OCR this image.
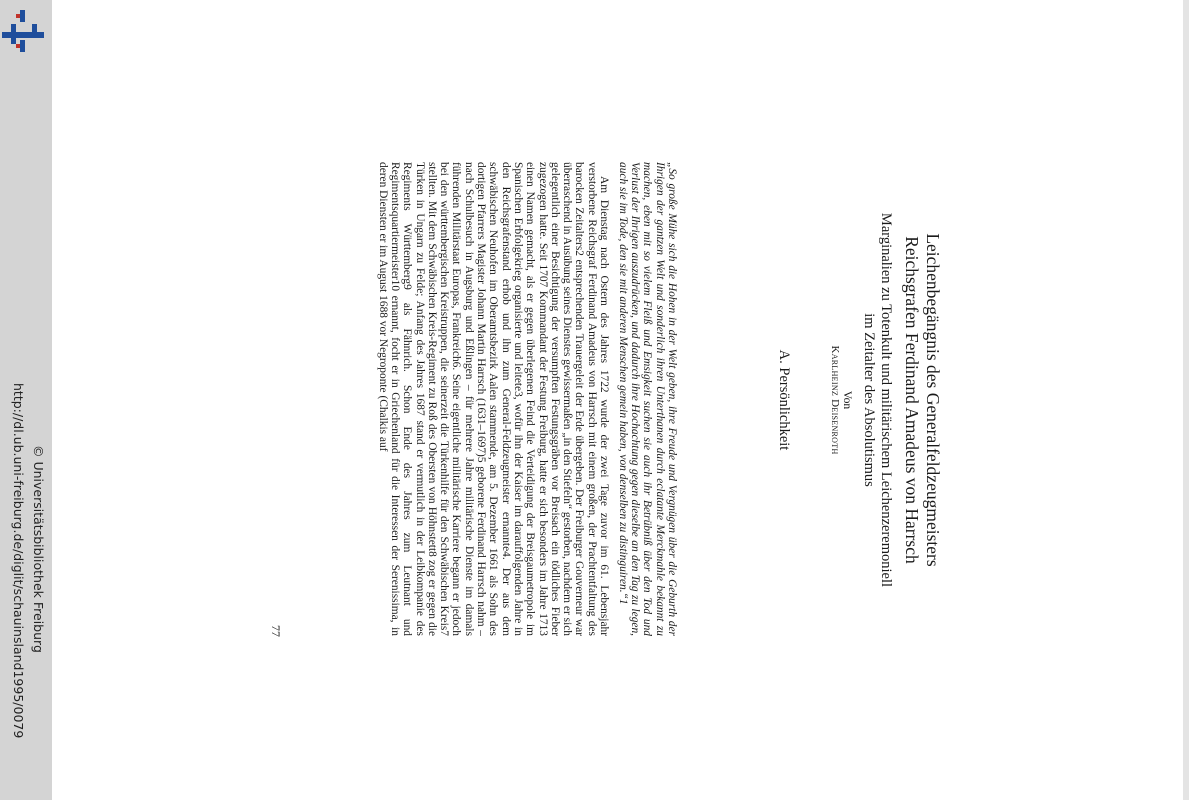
http://dl.ub.uni-freiburg.de/diglit/schauinsland1995/0079 © Universitätsbibliothek Freiburg	Leichenbegängnis des Generalfeldzeugmeisters
Reichsgrafen Ferdinand Amadeus von Harrsch
Marginalien zu Totenkult und militärischem Leichenzeremoniell
im Zeitalter des Absolutismus
Von
Karlheinz Deisenroth
A. Persönlichkeit

„So große Mühe sich die Hohen in der Welt geben, ihre Freude und Vergnügen über die Geburth der Ihrigen der gantzen Welt und sonderlich ihren Unterthanen durch eclatante Merckmahle bekannt zu machen, eben mit so vielem Fleiß und Emsigkeit suchen sie auch ihr Betrübniß über den Tod und Verlust der Ihrigen auszudrücken, und dadurch ihre Hochachtung gegen dieselbe an den Tag zu legen, auch sie im Tode, den sie mit anderen Menschen gemein haben, von denselben zu distinguiren.“1

Am Dienstag nach Ostern des Jahres 1722 wurde der zwei Tage zuvor im 61. Lebensjahr verstorbene Reichsgraf Ferdinand Amadeus von Harrsch mit einem großen, der Prachtentfaltung des barocken Zeitalters2 entsprechenden Trauergeleit der Erde übergeben. Der Freiburger Gouverneur war überraschend in Ausübung seines Dienstes gewissermaßen „in den Stiefeln“ gestorben, nachdem er sich gelegentlich einer Besichtigung der versumpften Festungsgräben vor Breisach ein tödliches Fieber zugezogen hatte. Seit 1707 Kommandant der Festung Freiburg, hatte er sich besonders im Jahre 1713 einen Namen gemacht, als er gegen überlegenen Feind die Verteidigung der Breisgaumetropole im Spanischen Erbfolgekrieg organisierte und leitete3, wofür ihn der Kaiser im darauffolgenden Jahre in den Reichsgrafenstand erhob und ihn zum General-Feldzeugmeister ernannte4. Der aus dem schwäbischen Neuhofen im Oberamtsbezirk Aalen stammende, am 5. Dezember 1661 als Sohn des dortigen Pfarrers Magister Johann Martin Harrsch (1631–1697)5 geborene Ferdinand Harrsch nahm – nach Schulbesuch in Augsburg und Eßlingen – für mehrere Jahre militärische Dienste im damals führenden Militärstaat Europas, Frankreich6. Seine eigentliche militärische Karriere begann er jedoch bei den württembergischen Kreistruppen, die seinerzeit die Türkenhilfe für den Schwäbischen Kreis7 stellten. Mit dem Schwäbischen Kreis-Regiment zu Roß des Obersten von Höhnstett8 zog er gegen die Türken in Ungarn zu Felde; Anfang des Jahres 1687 stand er vermutlich in der Leibkompanie des Regiments Württemberg9 als Fähnrich. Schon Ende des Jahres zum Leutnant und Regimentsquartiermeister10 ernannt, focht er in Griechenland für die Interessen der Serenissima, in deren Diensten er im August 1688 vor Negroponte (Chalkis auf

77
